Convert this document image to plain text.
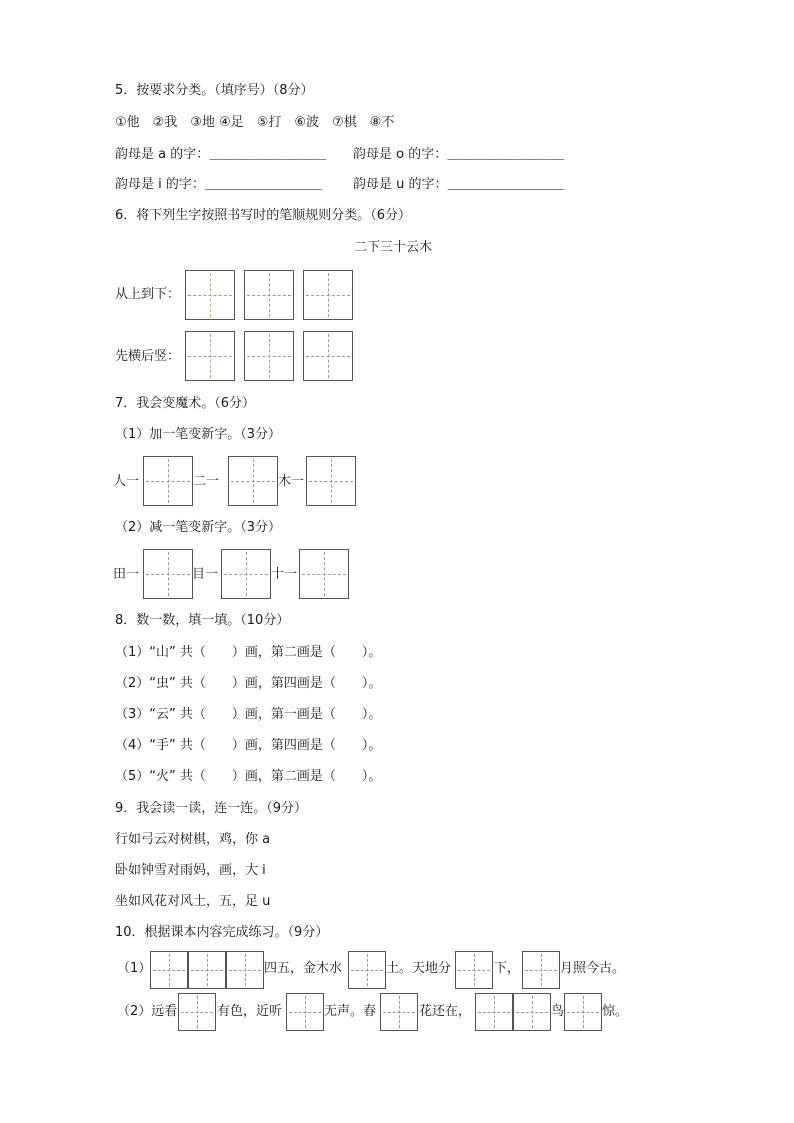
5．按要求分类。（填序号）（8分）
①他　②我　③地 ④足　⑤打　⑥波　⑦棋　⑧不
韵母是 a 的字：＿＿＿＿＿＿＿＿＿ 韵母是 o 的字：＿＿＿＿＿＿＿＿＿
韵母是 i 的字：＿＿＿＿＿＿＿＿＿ 韵母是 u 的字：＿＿＿＿＿＿＿＿＿
6．将下列生字按照书写时的笔顺规则分类。（6分）
二下三十云木
从上到下：
先横后竖：
7．我会变魔术。（6分）
（1）加一笔变新字。（3分）
人一	二一	木一
（2）减一笔变新字。（3分）
田一	目一	十一
8．数一数，填一填。（10分）
（1）“山” 共（　　）画，第二画是（　　）。
（2）“虫” 共（　　）画，第四画是（　　）。
（3）“云” 共（　　）画，第一画是（　　）。
（4）“手” 共（　　）画，第四画是（　　）。
（5）“火” 共（　　）画，第二画是（　　）。
9．我会读一读，连一连。（9分）
行如弓云对树棋，鸡，你 a
卧如钟雪对雨妈，画，大 i
坐如风花对风土，五，足 u
10．根据课本内容完成练习。（9分）
（1）	四五，金木水	土。天地分	下，	月照今古。
（2）远看	有色，近听	无声。春	花还在，	鸟	惊。
